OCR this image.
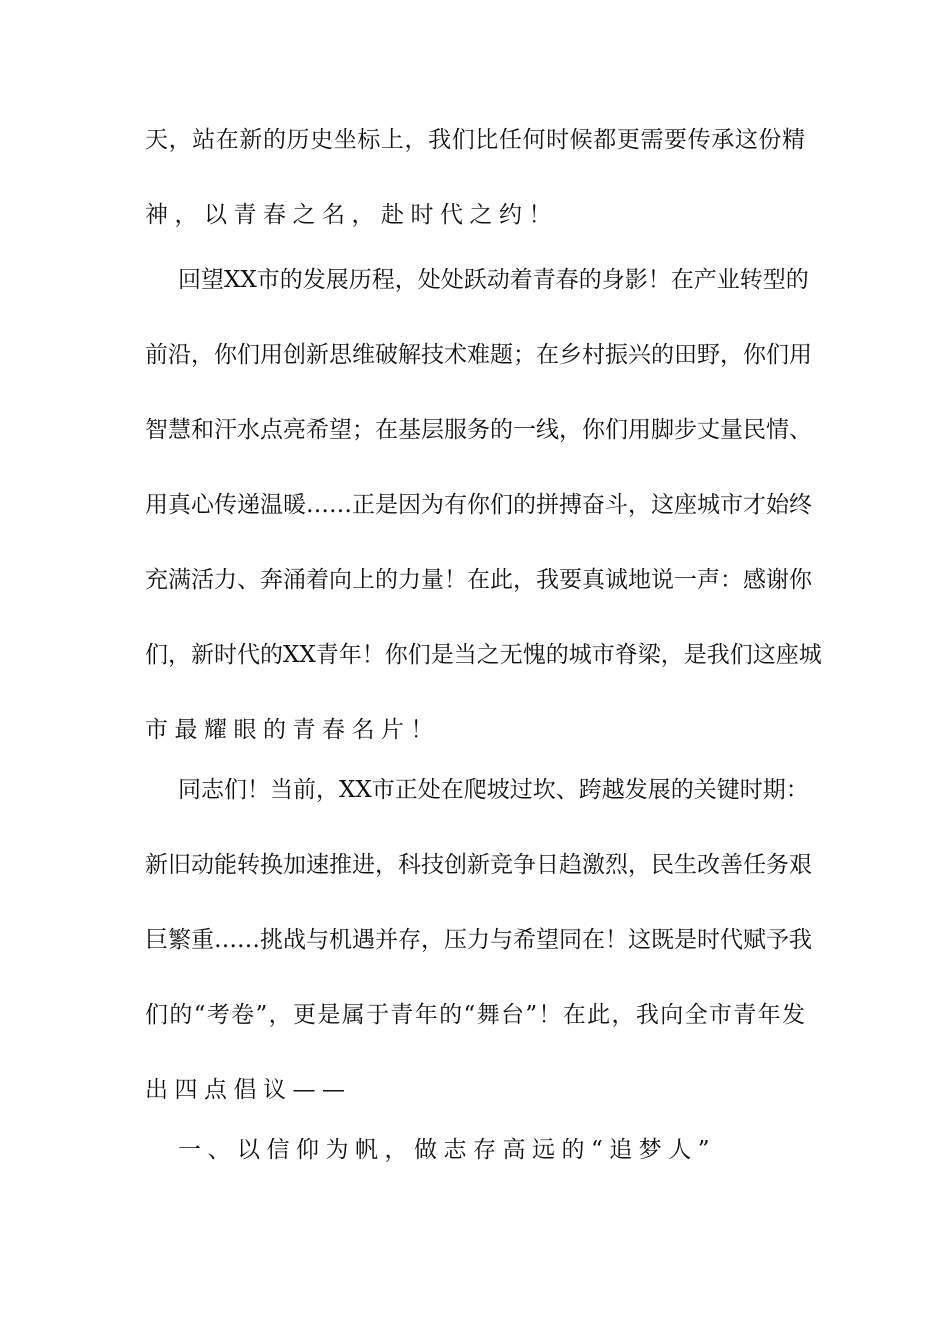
天，站在新的历史坐标上，我们比任何时候都更需要传承这份精
神，以青春之名，赴时代之约！
回望XX市的发展历程，处处跃动着青春的身影！在产业转型的
前沿，你们用创新思维破解技术难题；在乡村振兴的田野，你们用
智慧和汗水点亮希望；在基层服务的一线，你们用脚步丈量民情、
用真心传递温暖……正是因为有你们的拼搏奋斗，这座城市才始终
充满活力、奔涌着向上的力量！在此，我要真诚地说一声：感谢你
们，新时代的XX青年！你们是当之无愧的城市脊梁，是我们这座城
市最耀眼的青春名片！
同志们！当前，XX市正处在爬坡过坎、跨越发展的关键时期：
新旧动能转换加速推进，科技创新竞争日趋激烈，民生改善任务艰
巨繁重……挑战与机遇并存，压力与希望同在！这既是时代赋予我
们的“考卷”，更是属于青年的“舞台”！在此，我向全市青年发
出四点倡议——
一、以信仰为帆，做志存高远的“追梦人”
